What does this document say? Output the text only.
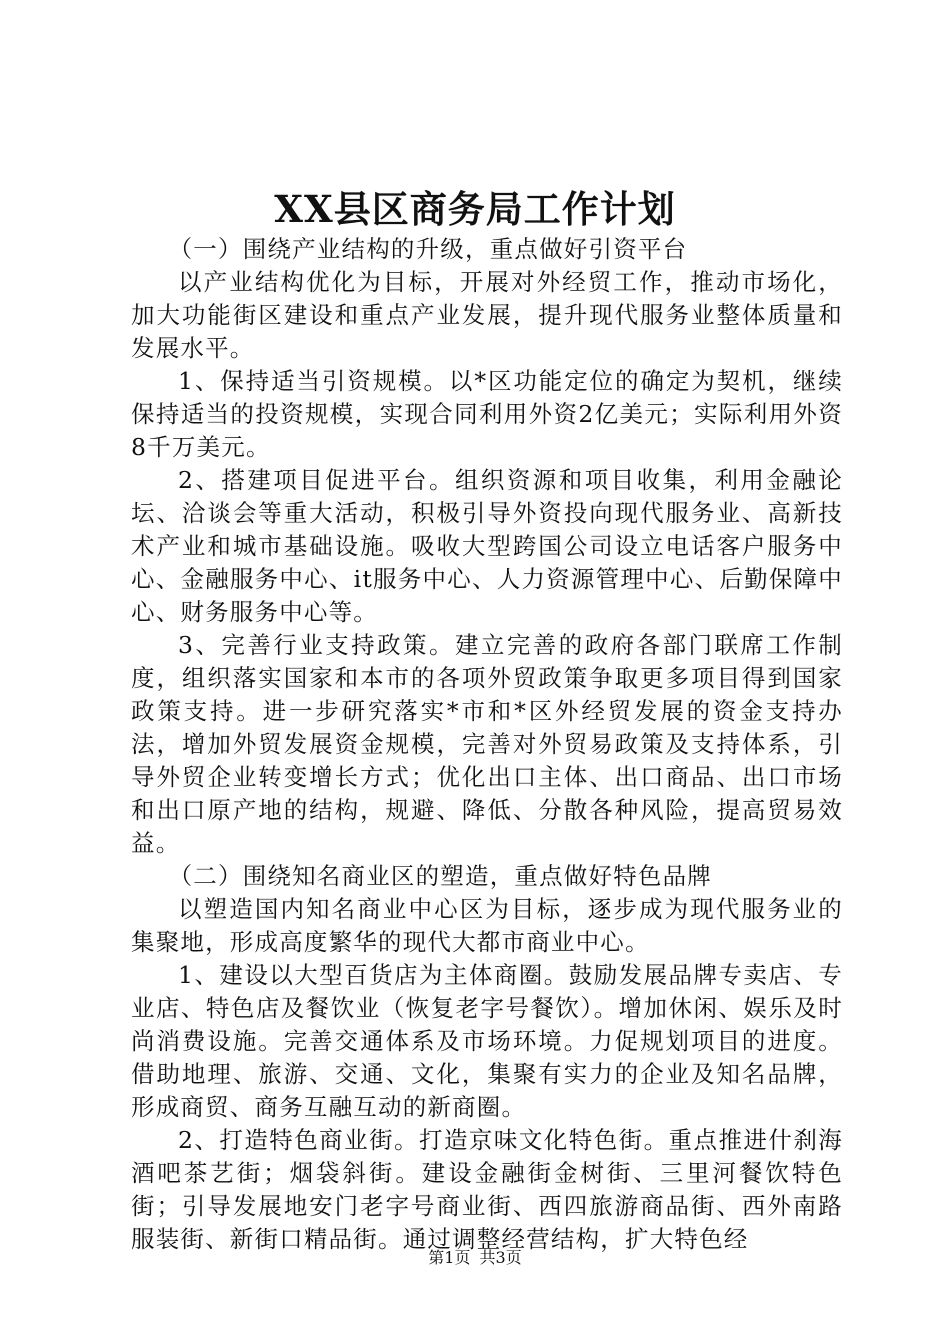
XX县区商务局工作计划

（一）围绕产业结构的升级，重点做好引资平台

以产业结构优化为目标，开展对外经贸工作，推动市场化，加大功能街区建设和重点产业发展，提升现代服务业整体质量和发展水平。

1、保持适当引资规模。以*区功能定位的确定为契机，继续保持适当的投资规模，实现合同利用外资2亿美元；实际利用外资8千万美元。

2、搭建项目促进平台。组织资源和项目收集，利用金融论坛、洽谈会等重大活动，积极引导外资投向现代服务业、高新技术产业和城市基础设施。吸收大型跨国公司设立电话客户服务中心、金融服务中心、it服务中心、人力资源管理中心、后勤保障中心、财务服务中心等。

3、完善行业支持政策。建立完善的政府各部门联席工作制度，组织落实国家和本市的各项外贸政策争取更多项目得到国家政策支持。进一步研究落实*市和*区外经贸发展的资金支持办法，增加外贸发展资金规模，完善对外贸易政策及支持体系，引导外贸企业转变增长方式；优化出口主体、出口商品、出口市场和出口原产地的结构，规避、降低、分散各种风险，提高贸易效益。

（二）围绕知名商业区的塑造，重点做好特色品牌

以塑造国内知名商业中心区为目标，逐步成为现代服务业的集聚地，形成高度繁华的现代大都市商业中心。

1、建设以大型百货店为主体商圈。鼓励发展品牌专卖店、专业店、特色店及餐饮业（恢复老字号餐饮）。增加休闲、娱乐及时尚消费设施。完善交通体系及市场环境。力促规划项目的进度。借助地理、旅游、交通、文化，集聚有实力的企业及知名品牌，形成商贸、商务互融互动的新商圈。

2、打造特色商业街。打造京味文化特色街。重点推进什刹海酒吧茶艺街；烟袋斜街。建设金融街金树街、三里河餐饮特色街；引导发展地安门老字号商业街、西四旅游商品街、西外南路服装街、新街口精品街。通过调整经营结构，扩大特色经

第1页 共3页
